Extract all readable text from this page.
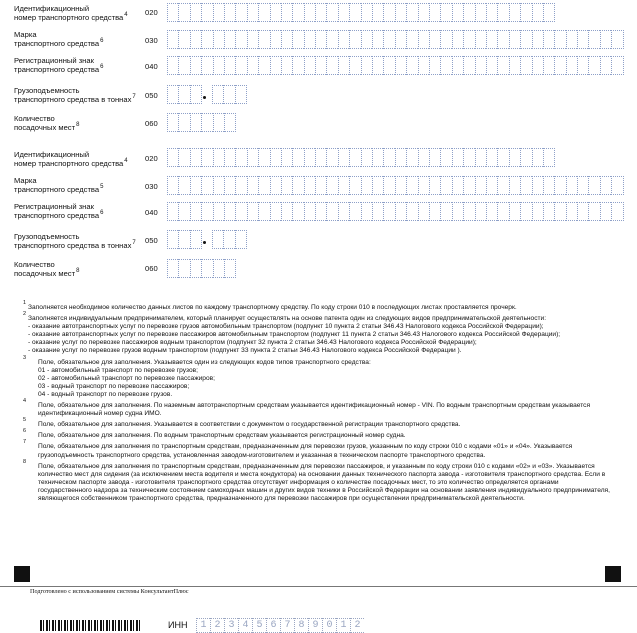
Идентификационный
номер транспортного средства$^4$ 020
Марка
транспортного средства$^6$	030
Регистрационный знак
транспортного средства$^6$	040
Грузоподъемность
транспортного средства в тоннах$^7$ 050
Количество
посадочных мест$^8$	060
Идентификационный
номер транспортного средства$^4$ 020
Марка
транспортного средства$^5$	030
Регистрационный знак
транспортного средства$^6$	040
Грузоподъемность
транспортного средства в тоннах$^7$ 050
Количество
посадочных мест$^8$	060

1
Заполняется необходимое количество данных листов по каждому транспортному средству. По коду строки 010 в последующих листах проставляется прочерк.

2
Заполняется индивидуальным предпринимателем, который планирует осуществлять на основе патента один из следующих видов предпринимательской деятельности:

- оказание автотранспортных услуг по перевозке грузов автомобильным транспортом (подпункт 10 пункта 2 статьи 346.43 Налогового кодекса Российской Федерации);

- оказание автотранспортных услуг по перевозке пассажиров автомобильным транспортом (подпункт 11 пункта 2 статьи 346.43 Налогового кодекса Российской Федерации);

- оказание услуг по перевозке пассажиров водным транспортом (подпункт 32 пункта 2 статьи 346.43 Налогового кодекса Российской Федерации);

- оказание услуг по перевозке грузов водным транспортом (подпункт 33 пункта 2 статьи 346.43 Налогового кодекса Российской Федерации ).

3
Поле, обязательное для заполнения. Указывается один из следующих кодов типов транспортного средства:

01 - автомобильный транспорт по перевозке грузов;

02 - автомобильный транспорт по перевозке пассажиров;

03 - водный транспорт по перевозке пассажиров;

04 - водный транспорт по перевозке грузов.

4
Поле, обязательное для заполнения. По наземным автотранспортным средствам указывается идентификационный номер - VIN. По водным транспортным средствам указывается идентификационный номер судна ИМО.

5
Поле, обязательное для заполнения. Указывается в соответствии с документом о государственной регистрации транспортного средства.

6
Поле, обязательное для заполнения. По водным транспортным средствам указывается регистрационный номер судна.

7
Поле, обязательное для заполнения по транспортным средствам, предназначенным для перевозки грузов, указанным по коду строки 010 с кодами «01» и «04». Указывается грузоподъемность транспортного средства, установленная заводом-изготовителем и указанная в техническом паспорте транспортного средства.

8
Поле, обязательное для заполнения по транспортным средствам, предназначенным для перевозки пассажиров, и указанным по коду строки 010 с кодами «02» и «03». Указывается количество мест для сидения (за исключением места водителя и места кондуктора) на основании данных технического паспорта завода - изготовителя транспортного средства. Если в техническом паспорте завода - изготовителя транспортного средства отсутствует информация о количестве посадочных мест, то это количество определяется органами государственного надзора за техническим состоянием самоходных машин и других видов техники в Российской Федерации на основании заявления индивидуального предпринимателя, являющегося собственником транспортного средства, предназначенного для перевозки пассажиров при осуществлении предпринимательской деятельности.

Подготовлено с использованием системы КонсультантПлюс
ИНН	1 2 3 4 5 6 7 8 9 0 1 2
